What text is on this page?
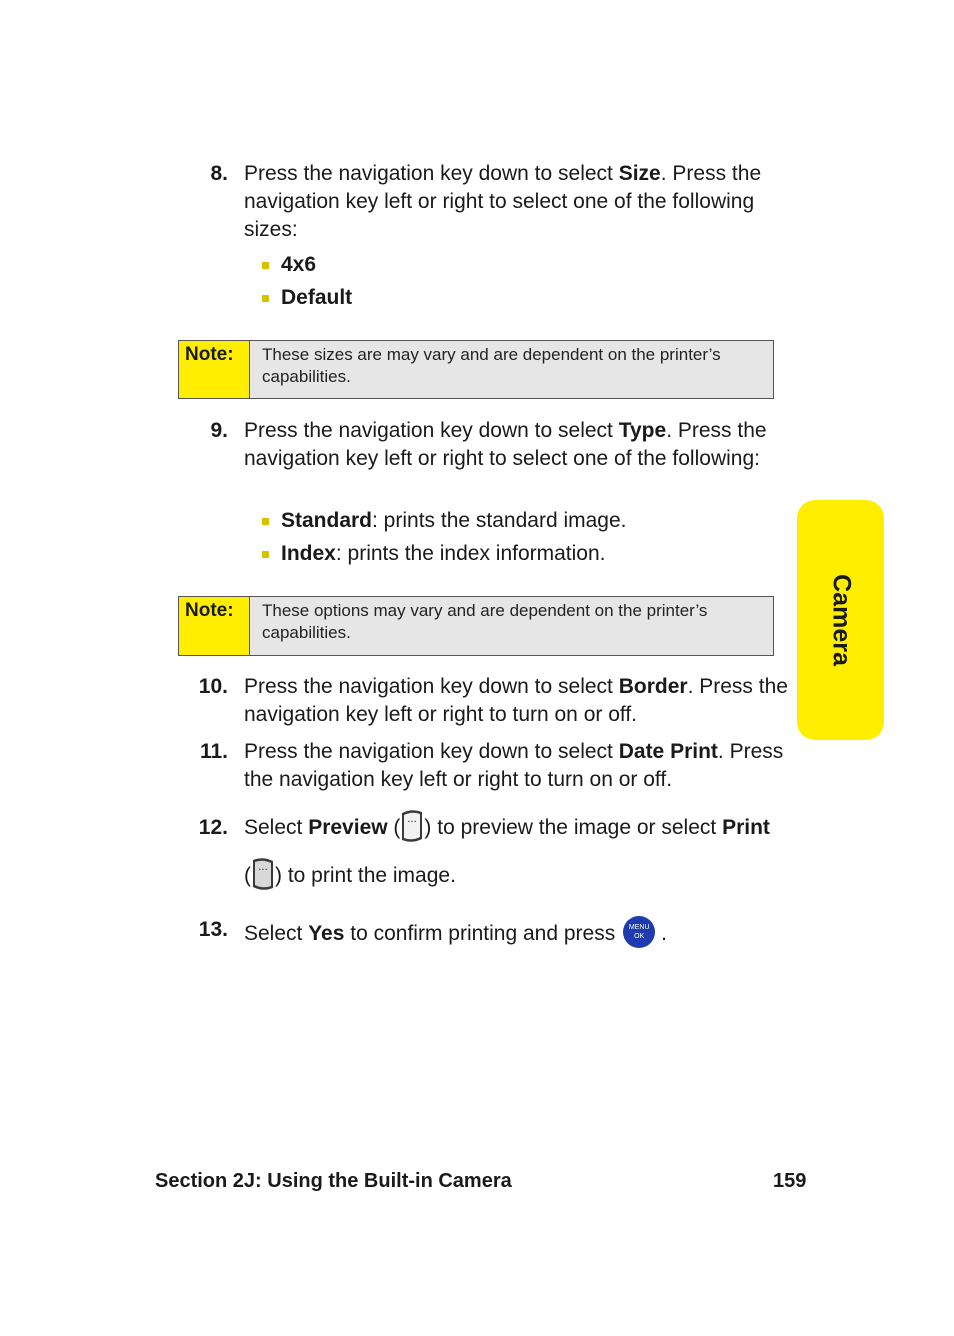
8. Press the navigation key down to select Size. Press the navigation key left or right to select one of the following sizes:
4x6
Default
Note:	These sizes are may vary and are dependent on the printer’s capabilities.
9. Press the navigation key down to select Type. Press the navigation key left or right to select one of the following:
Standard: prints the standard image.
Index: prints the index information.
Note:	These options may vary and are dependent on the printer’s capabilities.
10. Press the navigation key down to select Border. Press the navigation key left or right to turn on or off.
11. Press the navigation key down to select Date Print. Press the navigation key left or right to turn on or off.
12. Select Preview ( ··· ) to preview the image or select Print
( ··· ) to print the image.
13. Select Yes to confirm printing and press	MENU
OK .
Camera
Section 2J: Using the Built-in Camera	159
